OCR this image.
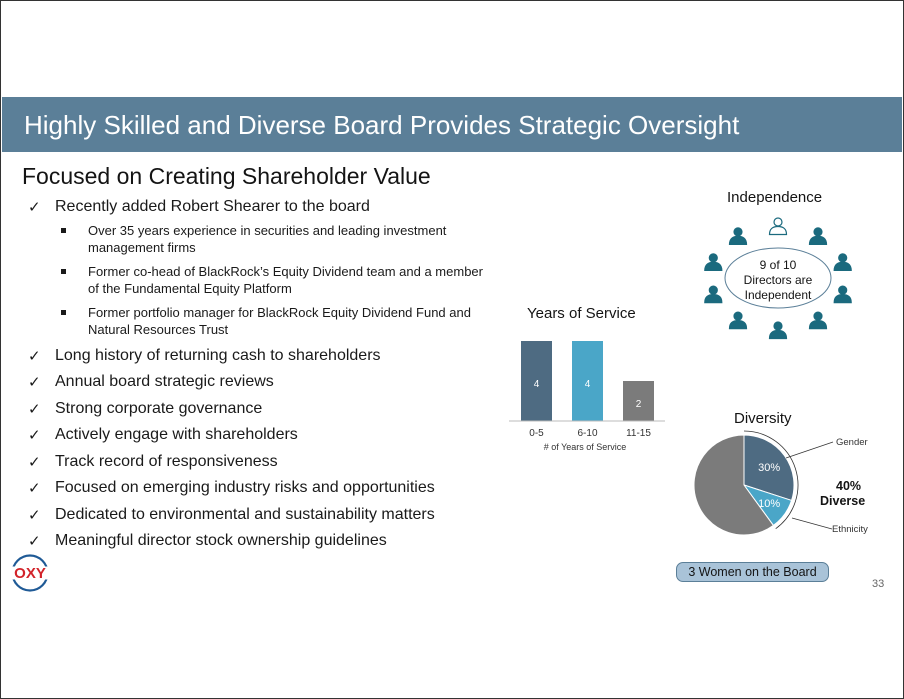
Highly Skilled and Diverse Board Provides Strategic Oversight
Focused on Creating Shareholder Value
✓ Recently added Robert Shearer to the board
Over 35 years experience in securities and leading investment management firms
Former co-head of BlackRock’s Equity Dividend team and a member of the Fundamental Equity Platform
Former portfolio manager for BlackRock Equity Dividend Fund and Natural Resources Trust
✓ Long history of returning cash to shareholders
✓ Annual board strategic reviews
✓ Strong corporate governance
✓ Actively engage with shareholders
✓ Track record of responsiveness
✓ Focused on emerging industry risks and opportunities
✓ Dedicated to environmental and sustainability matters
✓ Meaningful director stock ownership guidelines
Independence
9 of 10
Directors are
Independent
Years of Service
4
0-5
4
6-10
2
11-15
# of Years of Service
Diversity
30%
10%
Gender
Ethnicity
40%
Diverse
3 Women on the Board
OXY
33
